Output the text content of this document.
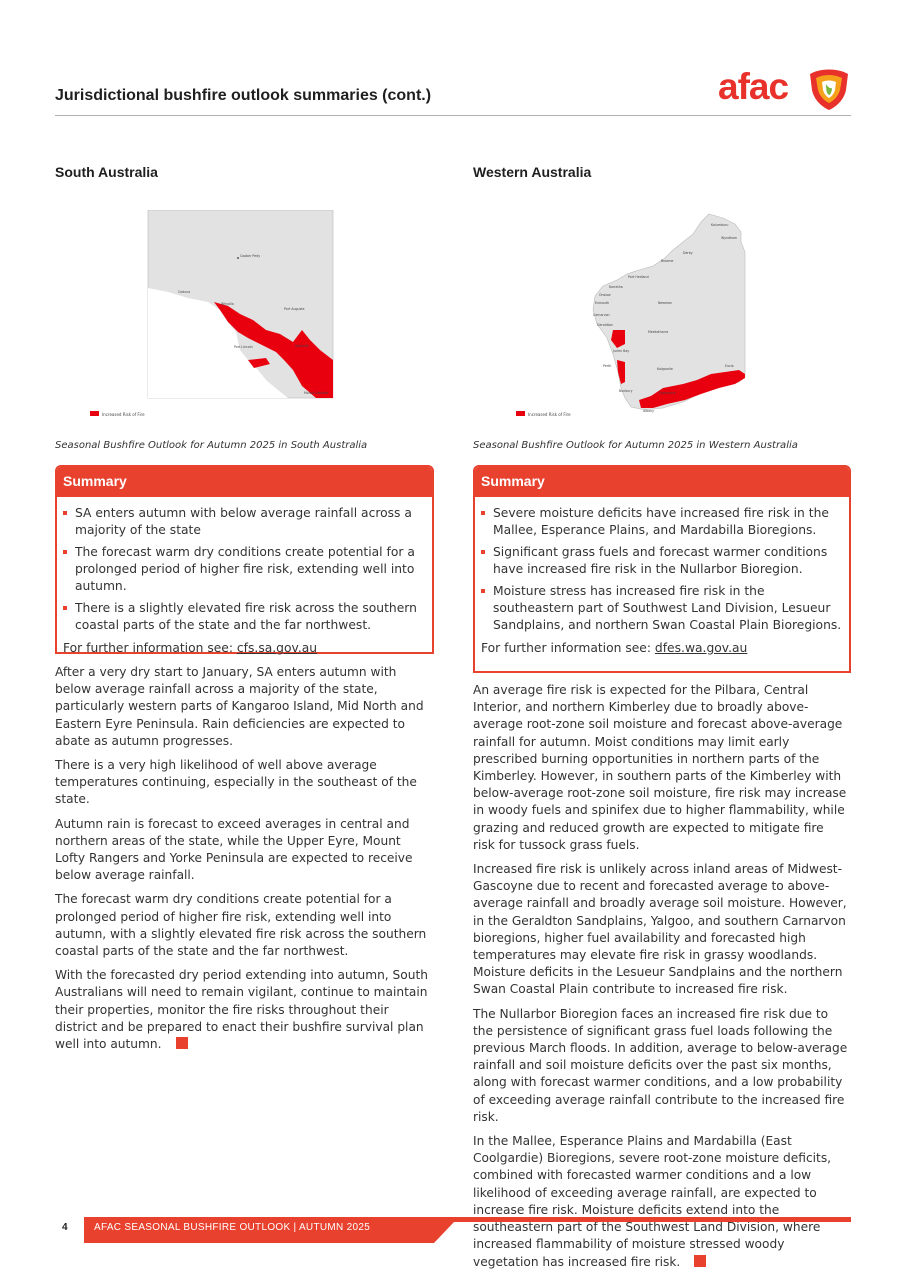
Jurisdictional bushfire outlook summaries (cont.)	afac
South Australia
Coober Pedy
Ceduna
Whyalla
Port Augusta
Port Lincoln	Adelaide
Mount Gambier
Increased Risk of Fire
Seasonal Bushfire Outlook for Autumn 2025 in South Australia
Summary
SA enters autumn with below average rainfall across a majority of the state
The forecast warm dry conditions create potential for a prolonged period of higher fire risk, extending well into autumn.
There is a slightly elevated fire risk across the southern coastal parts of the state and the far northwest.
For further information see: cfs.sa.gov.au

After a very dry start to January, SA enters autumn with below average rainfall across a majority of the state, particularly western parts of Kangaroo Island, Mid North and Eastern Eyre Peninsula. Rain deficiencies are expected to abate as autumn progresses.

There is a very high likelihood of well above average temperatures continuing, especially in the southeast of the state.

Autumn rain is forecast to exceed averages in central and northern areas of the state, while the Upper Eyre, Mount Lofty Rangers and Yorke Peninsula are expected to receive below average rainfall.

The forecast warm dry conditions create potential for a prolonged period of higher fire risk, extending well into autumn, with a slightly elevated fire risk across the southern coastal parts of the state and the far northwest.

With the forecasted dry period extending into autumn, South Australians will need to remain vigilant, continue to maintain their properties, monitor the fire risks throughout their district and be prepared to enact their bushfire survival plan well into autumn.

Western Australia
Kalumburu
Wyndham
Derby
Broome
Port Hedland
Karratha
Onslow
Exmouth	Newman
Carnarvon
Meekatharra
Geraldton
Jurien Bay
Perth
Kalgoorlie
Bunbury
Albany
Esperance
Eucla
Increased Risk of Fire
Seasonal Bushfire Outlook for Autumn 2025 in Western Australia
Summary
Severe moisture deficits have increased fire risk in the Mallee, Esperance Plains, and Mardabilla Bioregions.
Significant grass fuels and forecast warmer conditions have increased fire risk in the Nullarbor Bioregion.
Moisture stress has increased fire risk in the southeastern part of Southwest Land Division, Lesueur Sandplains, and northern Swan Coastal Plain Bioregions.
For further information see: dfes.wa.gov.au

An average fire risk is expected for the Pilbara, Central Interior, and northern Kimberley due to broadly above-average root-zone soil moisture and forecast above-average rainfall for autumn. Moist conditions may limit early prescribed burning opportunities in northern parts of the Kimberley. However, in southern parts of the Kimberley with below-average root-zone soil moisture, fire risk may increase in woody fuels and spinifex due to higher flammability, while grazing and reduced growth are expected to mitigate fire risk for tussock grass fuels.

Increased fire risk is unlikely across inland areas of Midwest-Gascoyne due to recent and forecasted average to above-average rainfall and broadly average soil moisture. However, in the Geraldton Sandplains, Yalgoo, and southern Carnarvon bioregions, higher fuel availability and forecasted high temperatures may elevate fire risk in grassy woodlands. Moisture deficits in the Lesueur Sandplains and the northern Swan Coastal Plain contribute to increased fire risk.

The Nullarbor Bioregion faces an increased fire risk due to the persistence of significant grass fuel loads following the previous March floods. In addition, average to below-average rainfall and soil moisture deficits over the past six months, along with forecast warmer conditions, and a low probability of exceeding average rainfall contribute to the increased fire risk.

In the Mallee, Esperance Plains and Mardabilla (East Coolgardie) Bioregions, severe root-zone moisture deficits, combined with forecasted warmer conditions and a low likelihood of exceeding average rainfall, are expected to increase fire risk. Moisture deficits extend into the southeastern part of the Southwest Land Division, where increased flammability of moisture stressed woody vegetation has increased fire risk.

4	AFAC SEASONAL BUSHFIRE OUTLOOK | AUTUMN 2025
